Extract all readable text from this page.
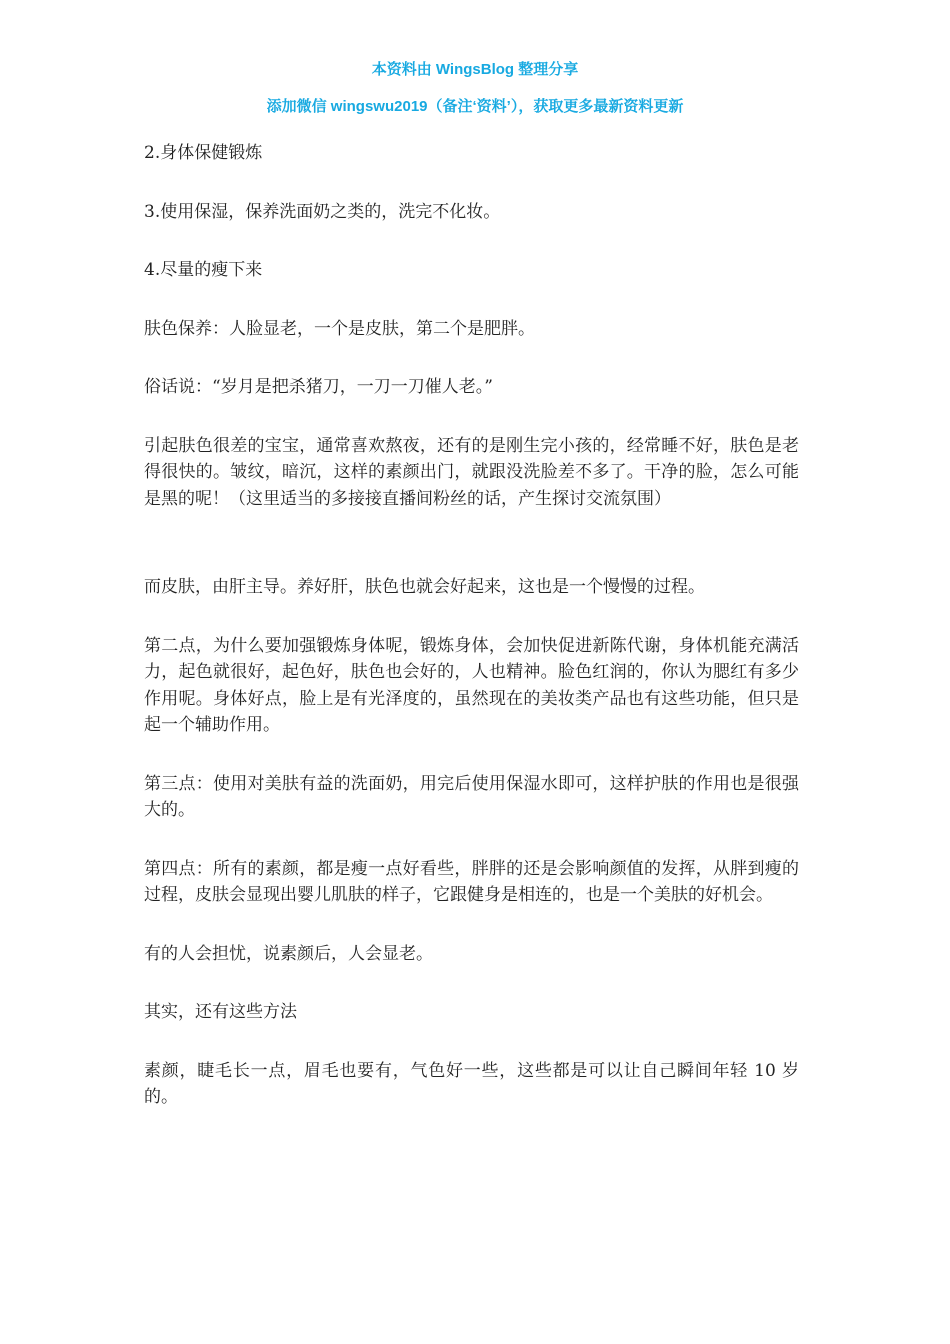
本资料由 WingsBlog 整理分享
添加微信 wingswu2019（备注‘资料’），获取更多最新资料更新

2.身体保健锻炼

3.使用保湿，保养洗面奶之类的，洗完不化妆。

4.尽量的瘦下来

肤色保养：人脸显老，一个是皮肤，第二个是肥胖。

俗话说：“岁月是把杀猪刀，一刀一刀催人老。”

引起肤色很差的宝宝，通常喜欢熬夜，还有的是刚生完小孩的，经常睡不好，肤色是老得很快的。皱纹，暗沉，这样的素颜出门，就跟没洗脸差不多了。干净的脸，怎么可能是黑的呢！（这里适当的多接接直播间粉丝的话，产生探讨交流氛围）

而皮肤，由肝主导。养好肝，肤色也就会好起来，这也是一个慢慢的过程。

第二点，为什么要加强锻炼身体呢，锻炼身体，会加快促进新陈代谢，身体机能充满活力，起色就很好，起色好，肤色也会好的，人也精神。脸色红润的，你认为腮红有多少作用呢。身体好点，脸上是有光泽度的，虽然现在的美妆类产品也有这些功能，但只是起一个辅助作用。

第三点：使用对美肤有益的洗面奶，用完后使用保湿水即可，这样护肤的作用也是很强大的。

第四点：所有的素颜，都是瘦一点好看些，胖胖的还是会影响颜值的发挥，从胖到瘦的过程，皮肤会显现出婴儿肌肤的样子，它跟健身是相连的，也是一个美肤的好机会。

有的人会担忧，说素颜后，人会显老。

其实，还有这些方法

素颜，睫毛长一点，眉毛也要有，气色好一些，这些都是可以让自己瞬间年轻 10 岁的。
